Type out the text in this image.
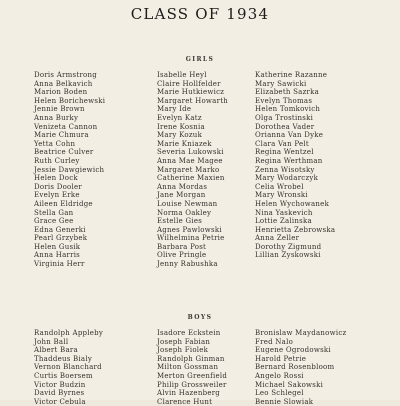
CLASS OF 1934
GIRLS
Doris Armstrong
Anna Belkavich
Marion Boden
Helen Borichewski
Jennie Brown
Anna Burky
Venizeta Cannon
Marie Chmura
Yetta Cohn
Beatrice Culver
Ruth Curley
Jessie Dawgiewich
Helen Dock
Doris Dooler
Evelyn Erke
Aileen Eldridge
Stella Gan
Grace Gee
Edna Generki
Pearl Grzybek
Helen Gusik
Anna Harris
Virginia Herr
Isabelle Heyl
Claire Hollfelder
Marie Hutkiewicz
Margaret Howarth
Mary Ide
Evelyn Katz
Irene Kosnia
Mary Kozuk
Marie Kniazek
Severia Lukowski
Anna Mae Magee
Margaret Marko
Catherine Maxien
Anna Mordas
Jane Morgan
Louise Newman
Norma Oakley
Estelle Gies
Agnes Pawlowski
Wilhelmina Petrie
Barbara Post
Olive Pringle
Jenny Rabushka
Katherine Razanne
Mary Sawicki
Elizabeth Sazrka
Evelyn Thomas
Helen Tomkovich
Olga Trostinski
Dorothea Vader
Orianna Van Dyke
Clara Van Pelt
Regina Wentzel
Regina Werthman
Zenna Wisotsky
Mary Wodarczyk
Celia Wrobel
Mary Wronski
Helen Wychowanek
Nina Yaskevich
Lottie Zalinska
Henrietta Zebrowska
Anna Zeller
Dorothy Zigmund
Lillian Zyskowski
BOYS
Randolph Appleby
John Ball
Albert Bara
Thaddeus Bialy
Vernon Blanchard
Curtis Boersem
Victor Budzin
David Byrnes
Victor Cebula
Isadore Eckstein
Joseph Fabian
Joseph Fiolek
Randolph Ginman
Milton Gossman
Merton Greenfield
Philip Grossweiler
Alvin Hazenberg
Clarence Hunt
Bronislaw Maydanowicz
Fred Nalo
Eugene Ogrodowski
Harold Petrie
Bernard Rosenbloom
Angelo Rossi
Michael Sakowski
Leo Schlegel
Bennie Slowiak
